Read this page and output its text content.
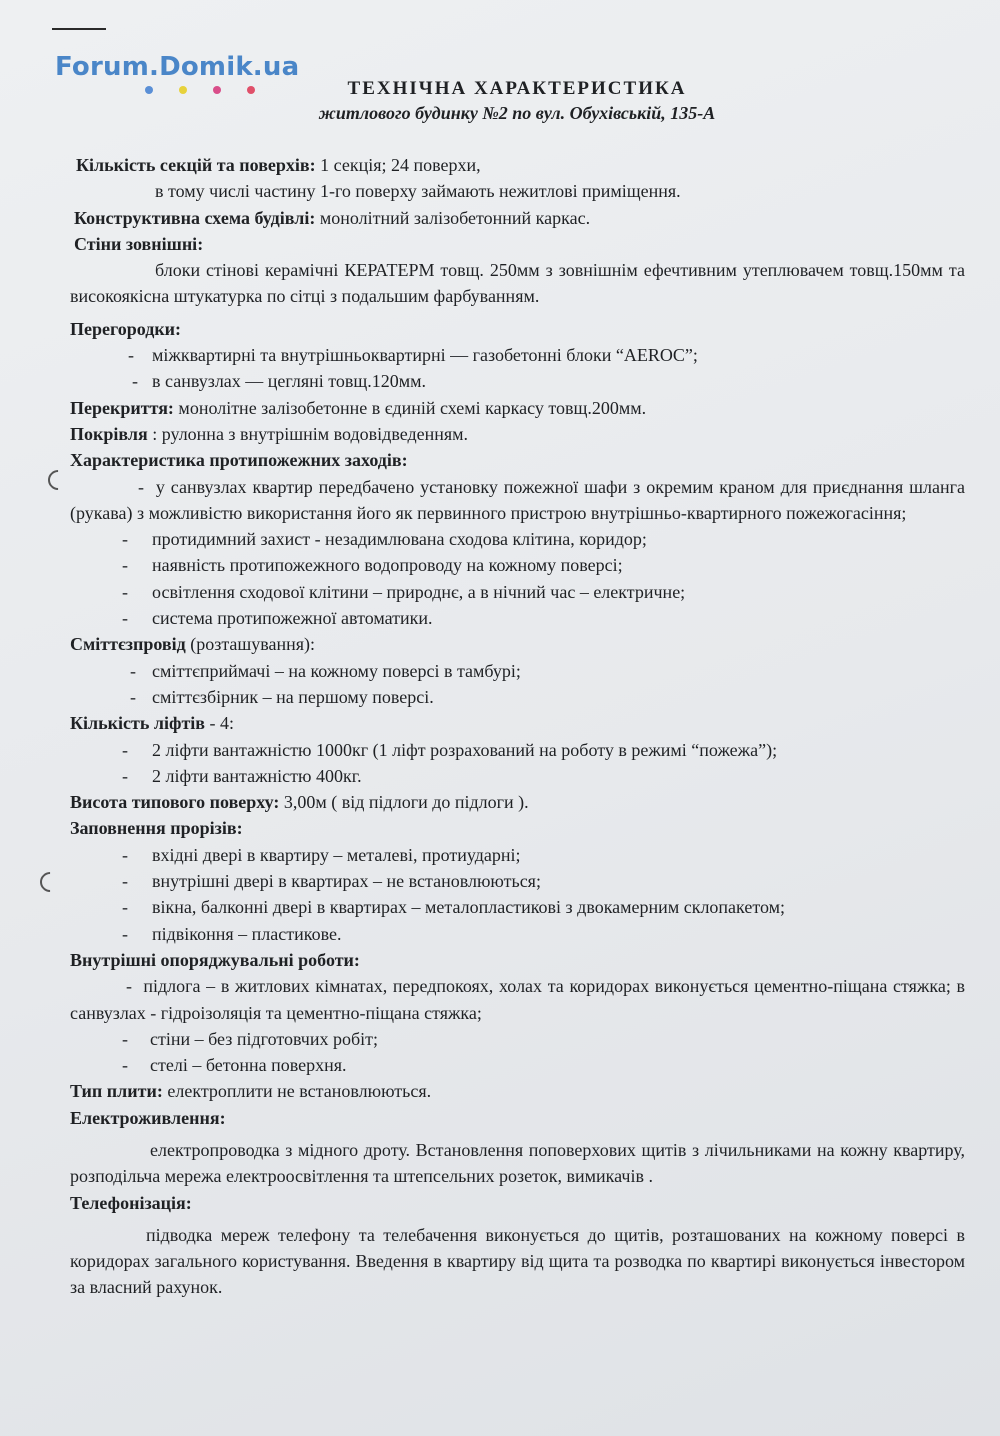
Forum.Domik.ua
ТЕХНІЧНА ХАРАКТЕРИСТИКА
житлового будинку №2 по вул. Обухівській, 135-А

Кількість секцій та поверхів: 1 секція; 24 поверхи,

в тому числі частину 1-го поверху займають нежитлові приміщення.

Конструктивна схема будівлі: монолітний залізобетонний каркас.

Стіни зовнішні:

блоки стінові керамічні КЕРАТЕРМ товщ. 250мм з зовнішнім ефечтивним утеплювачем товщ.150мм та високоякісна штукатурка по сітці з подальшим фарбуванням.

Перегородки:

-	міжквартирні та внутрішньоквартирні — газобетонні блоки “AEROC”;
- в санвузлах — цегляні товщ.120мм.

Перекриття: монолітне залізобетонне в єдиній схемі каркасу товщ.200мм.

Покрівля : рулонна з внутрішнім водовідведенням.

Характеристика протипожежних заходів:

- у санвузлах квартир передбачено установку пожежної шафи з окремим краном для приєднання шланга (рукава) з можливістю використання його як первинного пристрою внутрішньо-квартирного пожежогасіння;

-	протидимний захист - незадимлювана сходова клітина, коридор;
-	наявність протипожежного водопроводу на кожному поверсі;
-	освітлення сходової клітини – природнє, а в нічний час – електричне;
-	система протипожежної автоматики.

Сміттєзпровід (розташування):

- сміттєприймачі – на кожному поверсі в тамбурі;
- сміттєзбірник – на першому поверсі.

Кількість ліфтів - 4:

-	2 ліфти вантажністю 1000кг (1 ліфт розрахований на роботу в режимі “пожежа”);
-	2 ліфти вантажністю 400кг.

Висота типового поверху: 3,00м ( від підлоги до підлоги ).

Заповнення прорізів:

-	вхідні двері в квартиру – металеві, протиударні;
-	внутрішні двері в квартирах – не встановлюються;
-	вікна, балконні двері в квартирах – металопластикові з двокамерним склопакетом;
-	підвіконня – пластикове.

Внутрішні опоряджувальні роботи:

- підлога – в житлових кімнатах, передпокоях, холах та коридорах виконується цементно-піщана стяжка; в санвузлах - гідроізоляція та цементно-піщана стяжка;

-	стіни – без підготовчих робіт;
-	стелі – бетонна поверхня.

Тип плити: електроплити не встановлюються.

Електроживлення:

електропроводка з мідного дроту. Встановлення поповерхових щитів з лічильниками на кожну квартиру, розподільча мережа електроосвітлення та штепсельних розеток, вимикачів .

Телефонізація:

підводка мереж телефону та телебачення виконується до щитів, розташованих на кожному поверсі в коридорах загального користування. Введення в квартиру від щита та розводка по квартирі виконується інвестором за власний рахунок.
